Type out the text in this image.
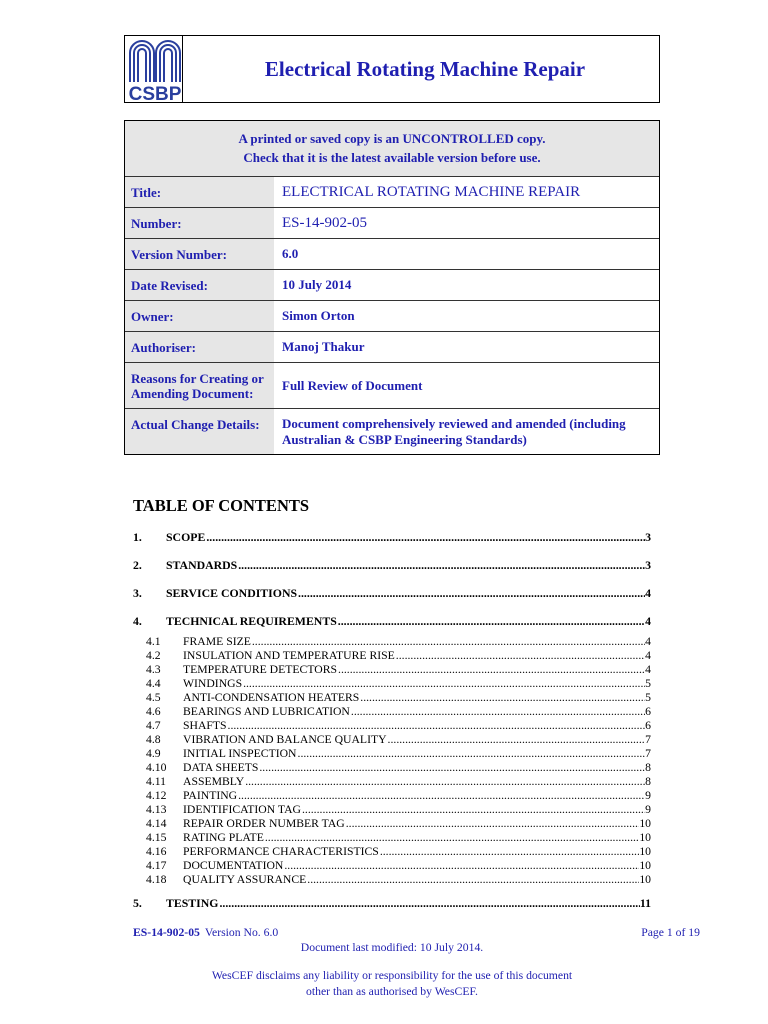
CSBP
Electrical Rotating Machine Repair
A printed or saved copy is an UNCONTROLLED copy.
Check that it is the latest available version before use.
Title:	ELECTRICAL ROTATING MACHINE REPAIR
Number:	ES-14-902-05
Version Number:	6.0
Date Revised:	10 July 2014
Owner:	Simon Orton
Authoriser:	Manoj Thakur
Reasons for Creating or Amending Document:
Full Review of Document
Actual Change Details:	Document comprehensively reviewed and amended (including Australian & CSBP Engineering Standards)
TABLE OF CONTENTS
1.	SCOPE .....	3
2.	STANDARDS .....	3
3.	SERVICE CONDITIONS .....	4
4.	TECHNICAL REQUIREMENTS .....	4
4.1	FRAME SIZE .....	4
4.2	INSULATION AND TEMPERATURE RISE .....	4
4.3	TEMPERATURE DETECTORS .....	4
4.4	WINDINGS .....	5
4.5	ANTI-CONDENSATION HEATERS .....	5
4.6	BEARINGS AND LUBRICATION .....	6
4.7	SHAFTS .....	6
4.8	VIBRATION AND BALANCE QUALITY .....	7
4.9	INITIAL INSPECTION .....	7
4.10	DATA SHEETS .....	8
4.11	ASSEMBLY .....	8
4.12	PAINTING .....	9
4.13	IDENTIFICATION TAG .....	9
4.14	REPAIR ORDER NUMBER TAG .....	10
4.15	RATING PLATE .....	10
4.16	PERFORMANCE CHARACTERISTICS .....	10
4.17	DOCUMENTATION .....	10
4.18	QUALITY ASSURANCE .....	10
5.	TESTING .....	11
ES-14-902-05 Version No. 6.0	Page 1 of 19
Document last modified: 10 July 2014.
WesCEF disclaims any liability or responsibility for the use of this document
other than as authorised by WesCEF.
